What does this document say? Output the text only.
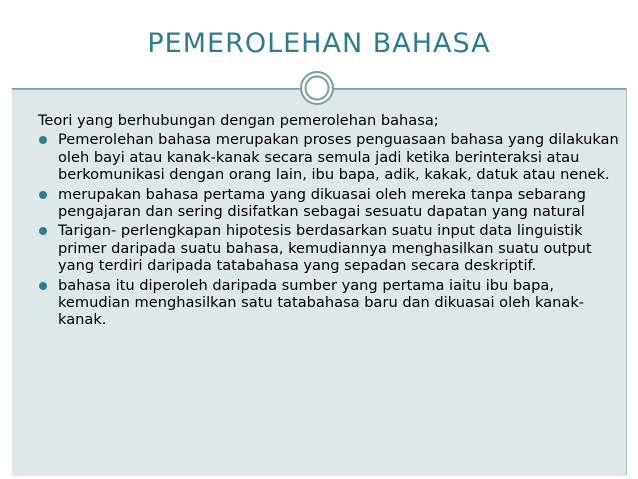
PEMEROLEHAN BAHASA

Teori yang berhubungan dengan pemerolehan bahasa;

Pemerolehan bahasa merupakan proses penguasaan bahasa yang dilakukan oleh bayi atau kanak-kanak secara semula jadi ketika berinteraksi atau berkomunikasi dengan orang lain, ibu bapa, adik, kakak, datuk atau nenek.
merupakan bahasa pertama yang dikuasai oleh mereka tanpa sebarang pengajaran dan sering disifatkan sebagai sesuatu dapatan yang natural
Tarigan- perlengkapan hipotesis berdasarkan suatu input data linguistik primer daripada suatu bahasa, kemudiannya menghasilkan suatu output yang terdiri daripada tatabahasa yang sepadan secara deskriptif.
bahasa itu diperoleh daripada sumber yang pertama iaitu ibu bapa, kemudian menghasilkan satu tatabahasa baru dan dikuasai oleh kanak-kanak.
